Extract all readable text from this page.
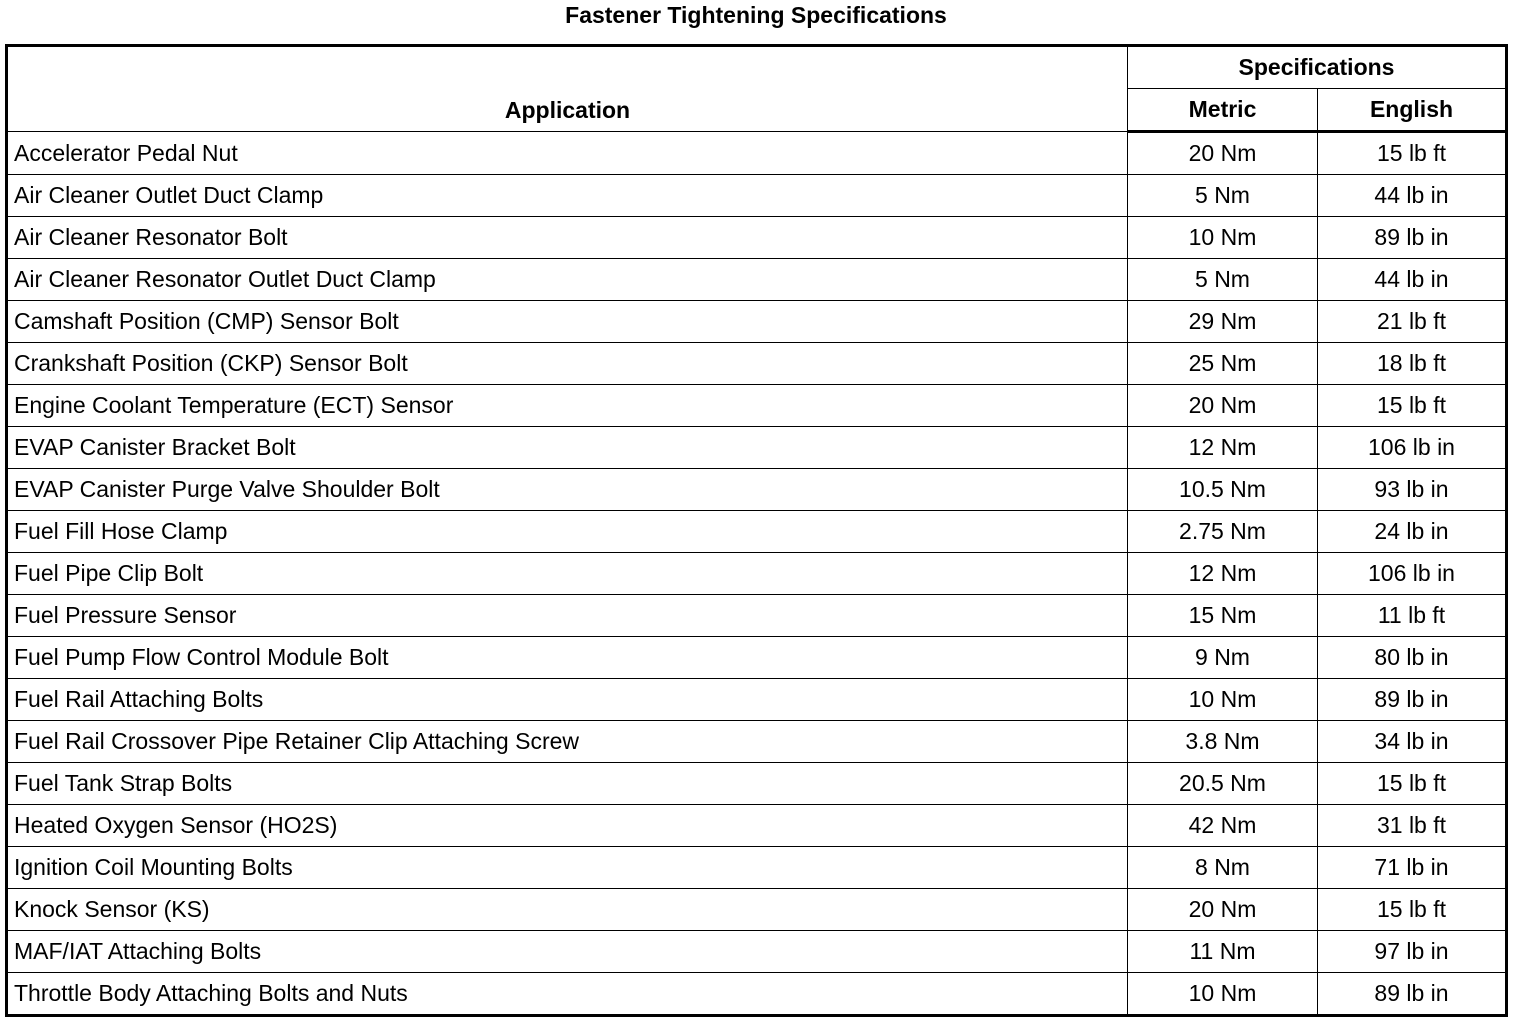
Fastener Tightening Specifications
Application	Specifications	
	Metric	English
Accelerator Pedal Nut	20 Nm	15 lb ft
Air Cleaner Outlet Duct Clamp	5 Nm	44 lb in
Air Cleaner Resonator Bolt	10 Nm	89 lb in
Air Cleaner Resonator Outlet Duct Clamp	5 Nm	44 lb in
Camshaft Position (CMP) Sensor Bolt	29 Nm	21 lb ft
Crankshaft Position (CKP) Sensor Bolt	25 Nm	18 lb ft
Engine Coolant Temperature (ECT) Sensor	20 Nm	15 lb ft
EVAP Canister Bracket Bolt	12 Nm	106 lb in
EVAP Canister Purge Valve Shoulder Bolt	10.5 Nm	93 lb in
Fuel Fill Hose Clamp	2.75 Nm	24 lb in
Fuel Pipe Clip Bolt	12 Nm	106 lb in
Fuel Pressure Sensor	15 Nm	11 lb ft
Fuel Pump Flow Control Module Bolt	9 Nm	80 lb in
Fuel Rail Attaching Bolts	10 Nm	89 lb in
Fuel Rail Crossover Pipe Retainer Clip Attaching Screw	3.8 Nm	34 lb in
Fuel Tank Strap Bolts	20.5 Nm	15 lb ft
Heated Oxygen Sensor (HO2S)	42 Nm	31 lb ft
Ignition Coil Mounting Bolts	8 Nm	71 lb in
Knock Sensor (KS)	20 Nm	15 lb ft
MAF/IAT Attaching Bolts	11 Nm	97 lb in
Throttle Body Attaching Bolts and Nuts	10 Nm	89 lb in
